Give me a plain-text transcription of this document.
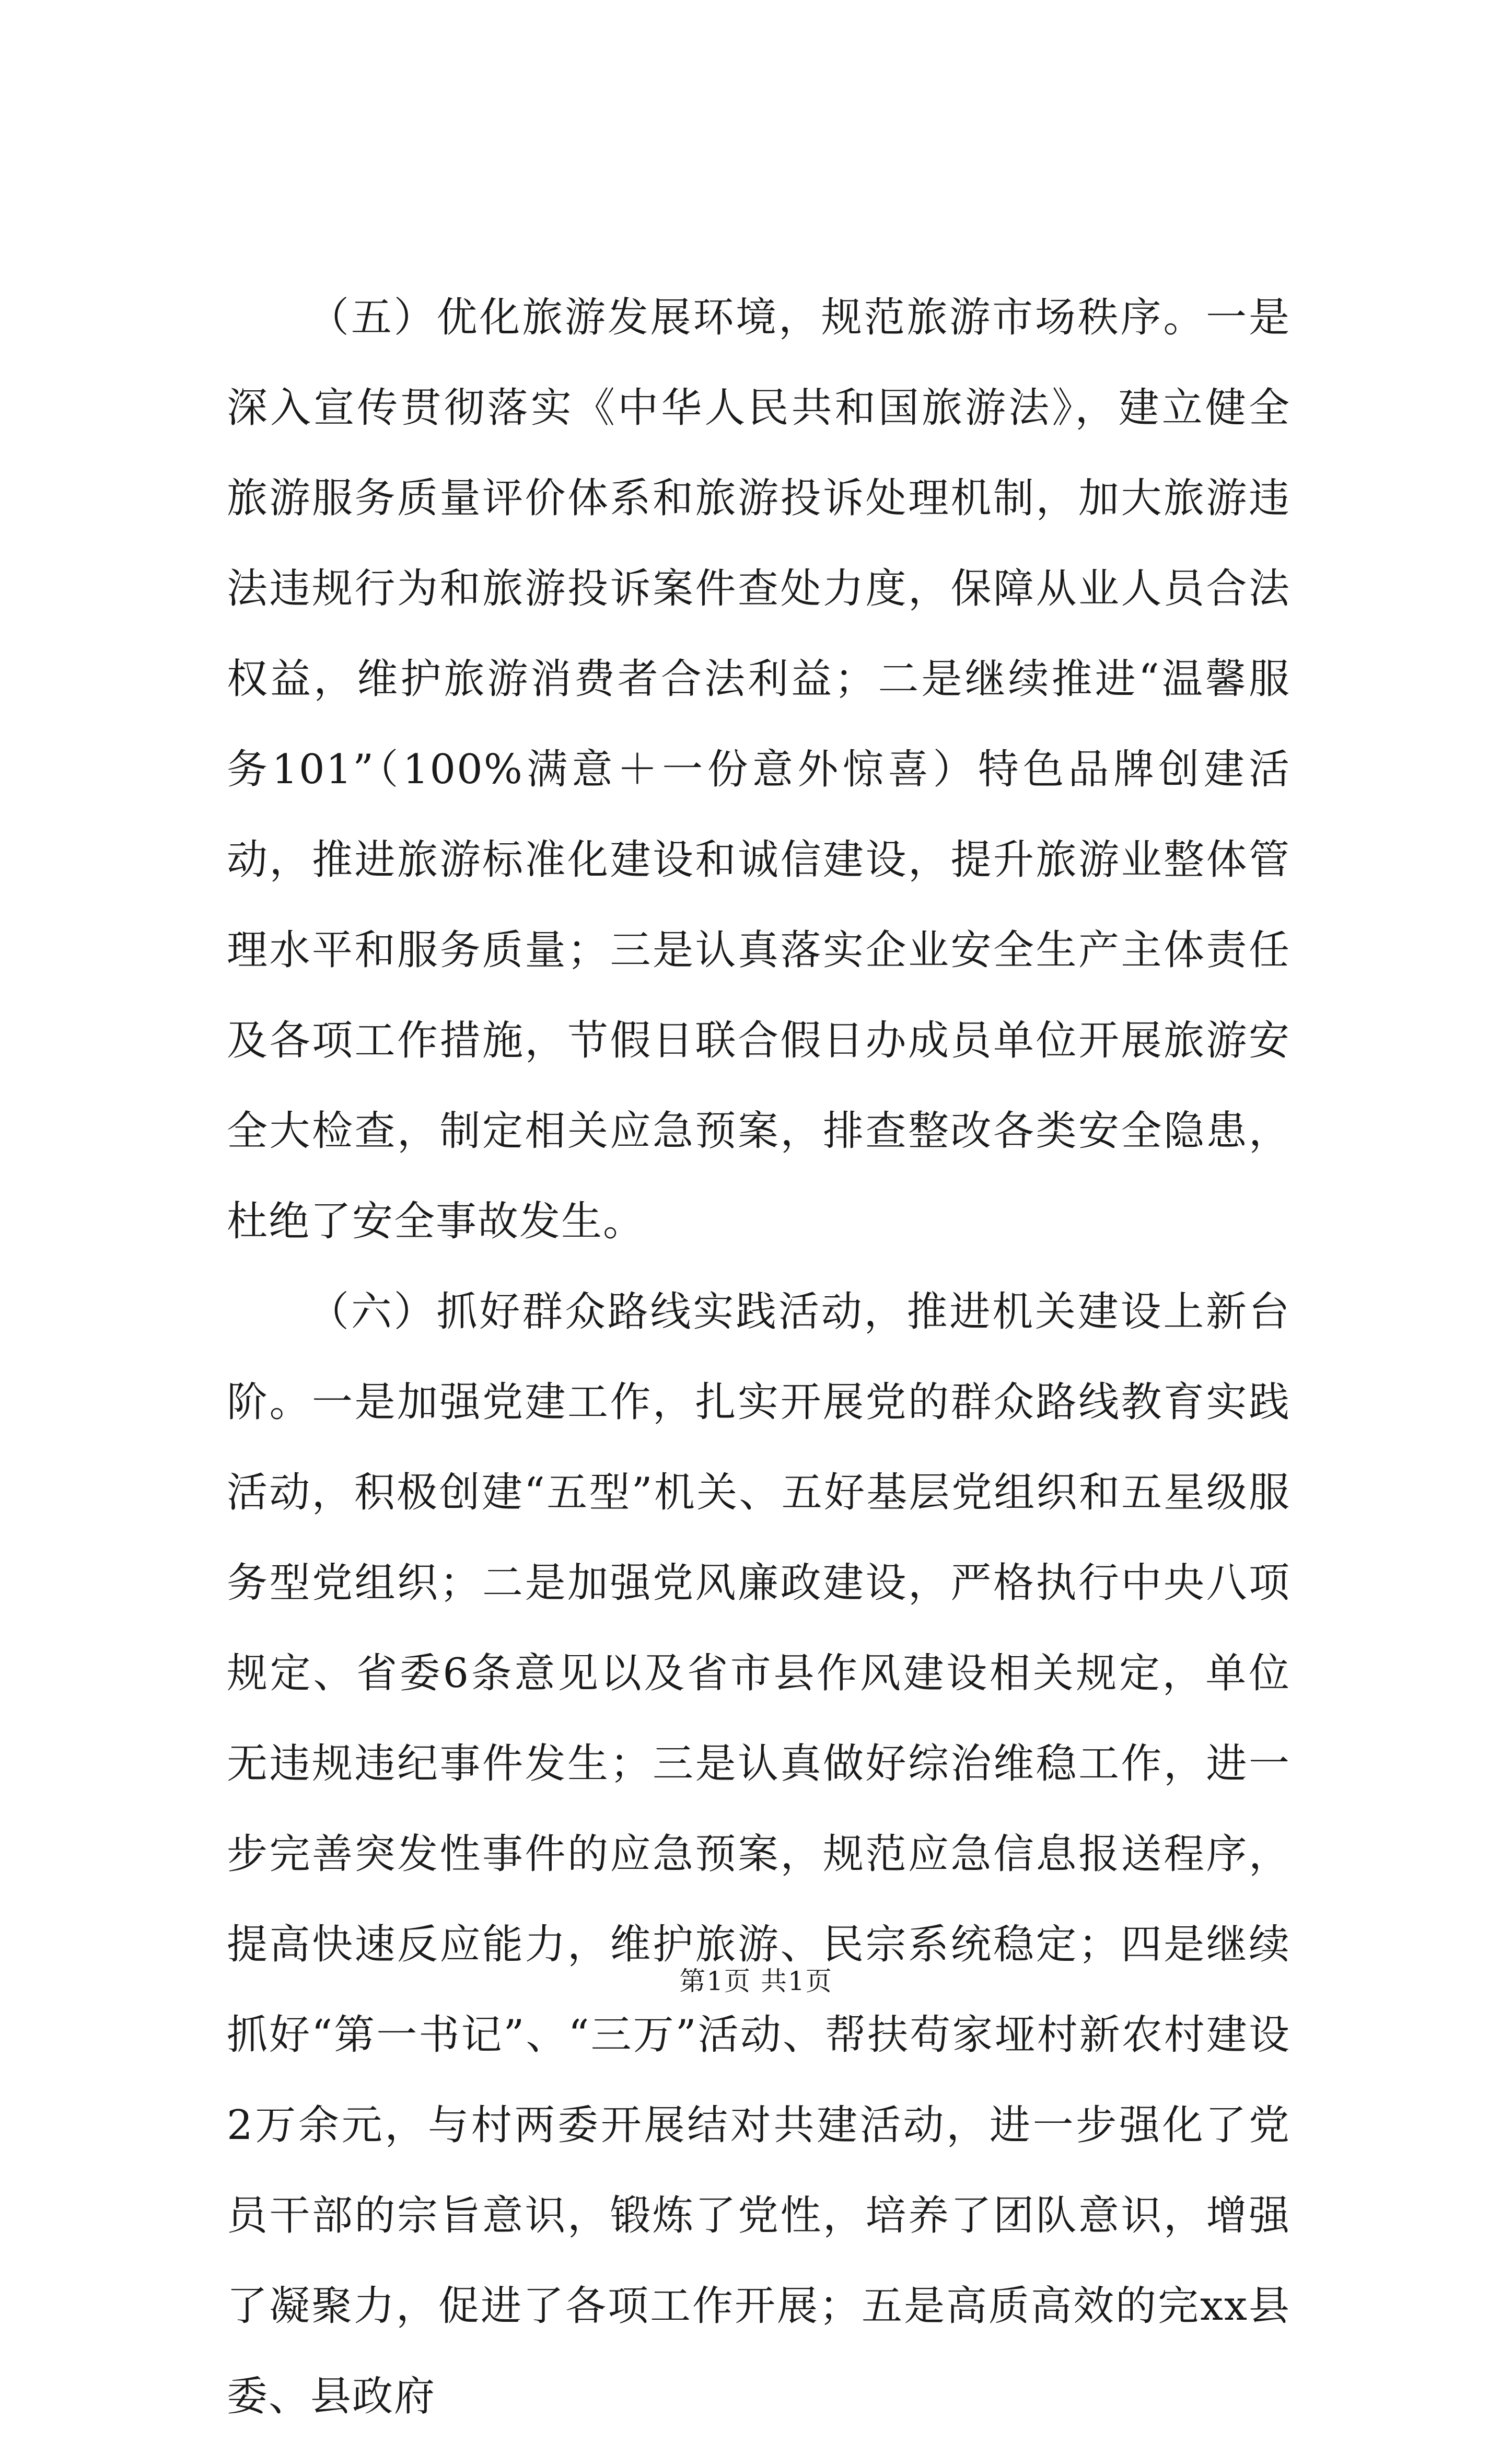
（五）优化旅游发展环境，规范旅游市场秩序。一是深入宣传贯彻落实《中华人民共和国旅游法》，建立健全旅游服务质量评价体系和旅游投诉处理机制，加大旅游违法违规行为和旅游投诉案件查处力度，保障从业人员合法权益，维护旅游消费者合法利益；二是继续推进“温馨服务101”（100%满意＋一份意外惊喜）特色品牌创建活动，推进旅游标准化建设和诚信建设，提升旅游业整体管理水平和服务质量；三是认真落实企业安全生产主体责任及各项工作措施，节假日联合假日办成员单位开展旅游安全大检查，制定相关应急预案，排查整改各类安全隐患，杜绝了安全事故发生。

（六）抓好群众路线实践活动，推进机关建设上新台阶。一是加强党建工作，扎实开展党的群众路线教育实践活动，积极创建“五型”机关、五好基层党组织和五星级服务型党组织；二是加强党风廉政建设，严格执行中央八项规定、省委6条意见以及省市县作风建设相关规定，单位无违规违纪事件发生；三是认真做好综治维稳工作，进一步完善突发性事件的应急预案，规范应急信息报送程序，提高快速反应能力，维护旅游、民宗系统稳定；四是继续抓好“第一书记”、“三万”活动、帮扶苟家垭村新农村建设2万余元，与村两委开展结对共建活动，进一步强化了党员干部的宗旨意识，锻炼了党性，培养了团队意识，增强了凝聚力，促进了各项工作开展；五是高质高效的完xx县委、县政府

第1页 共1页
